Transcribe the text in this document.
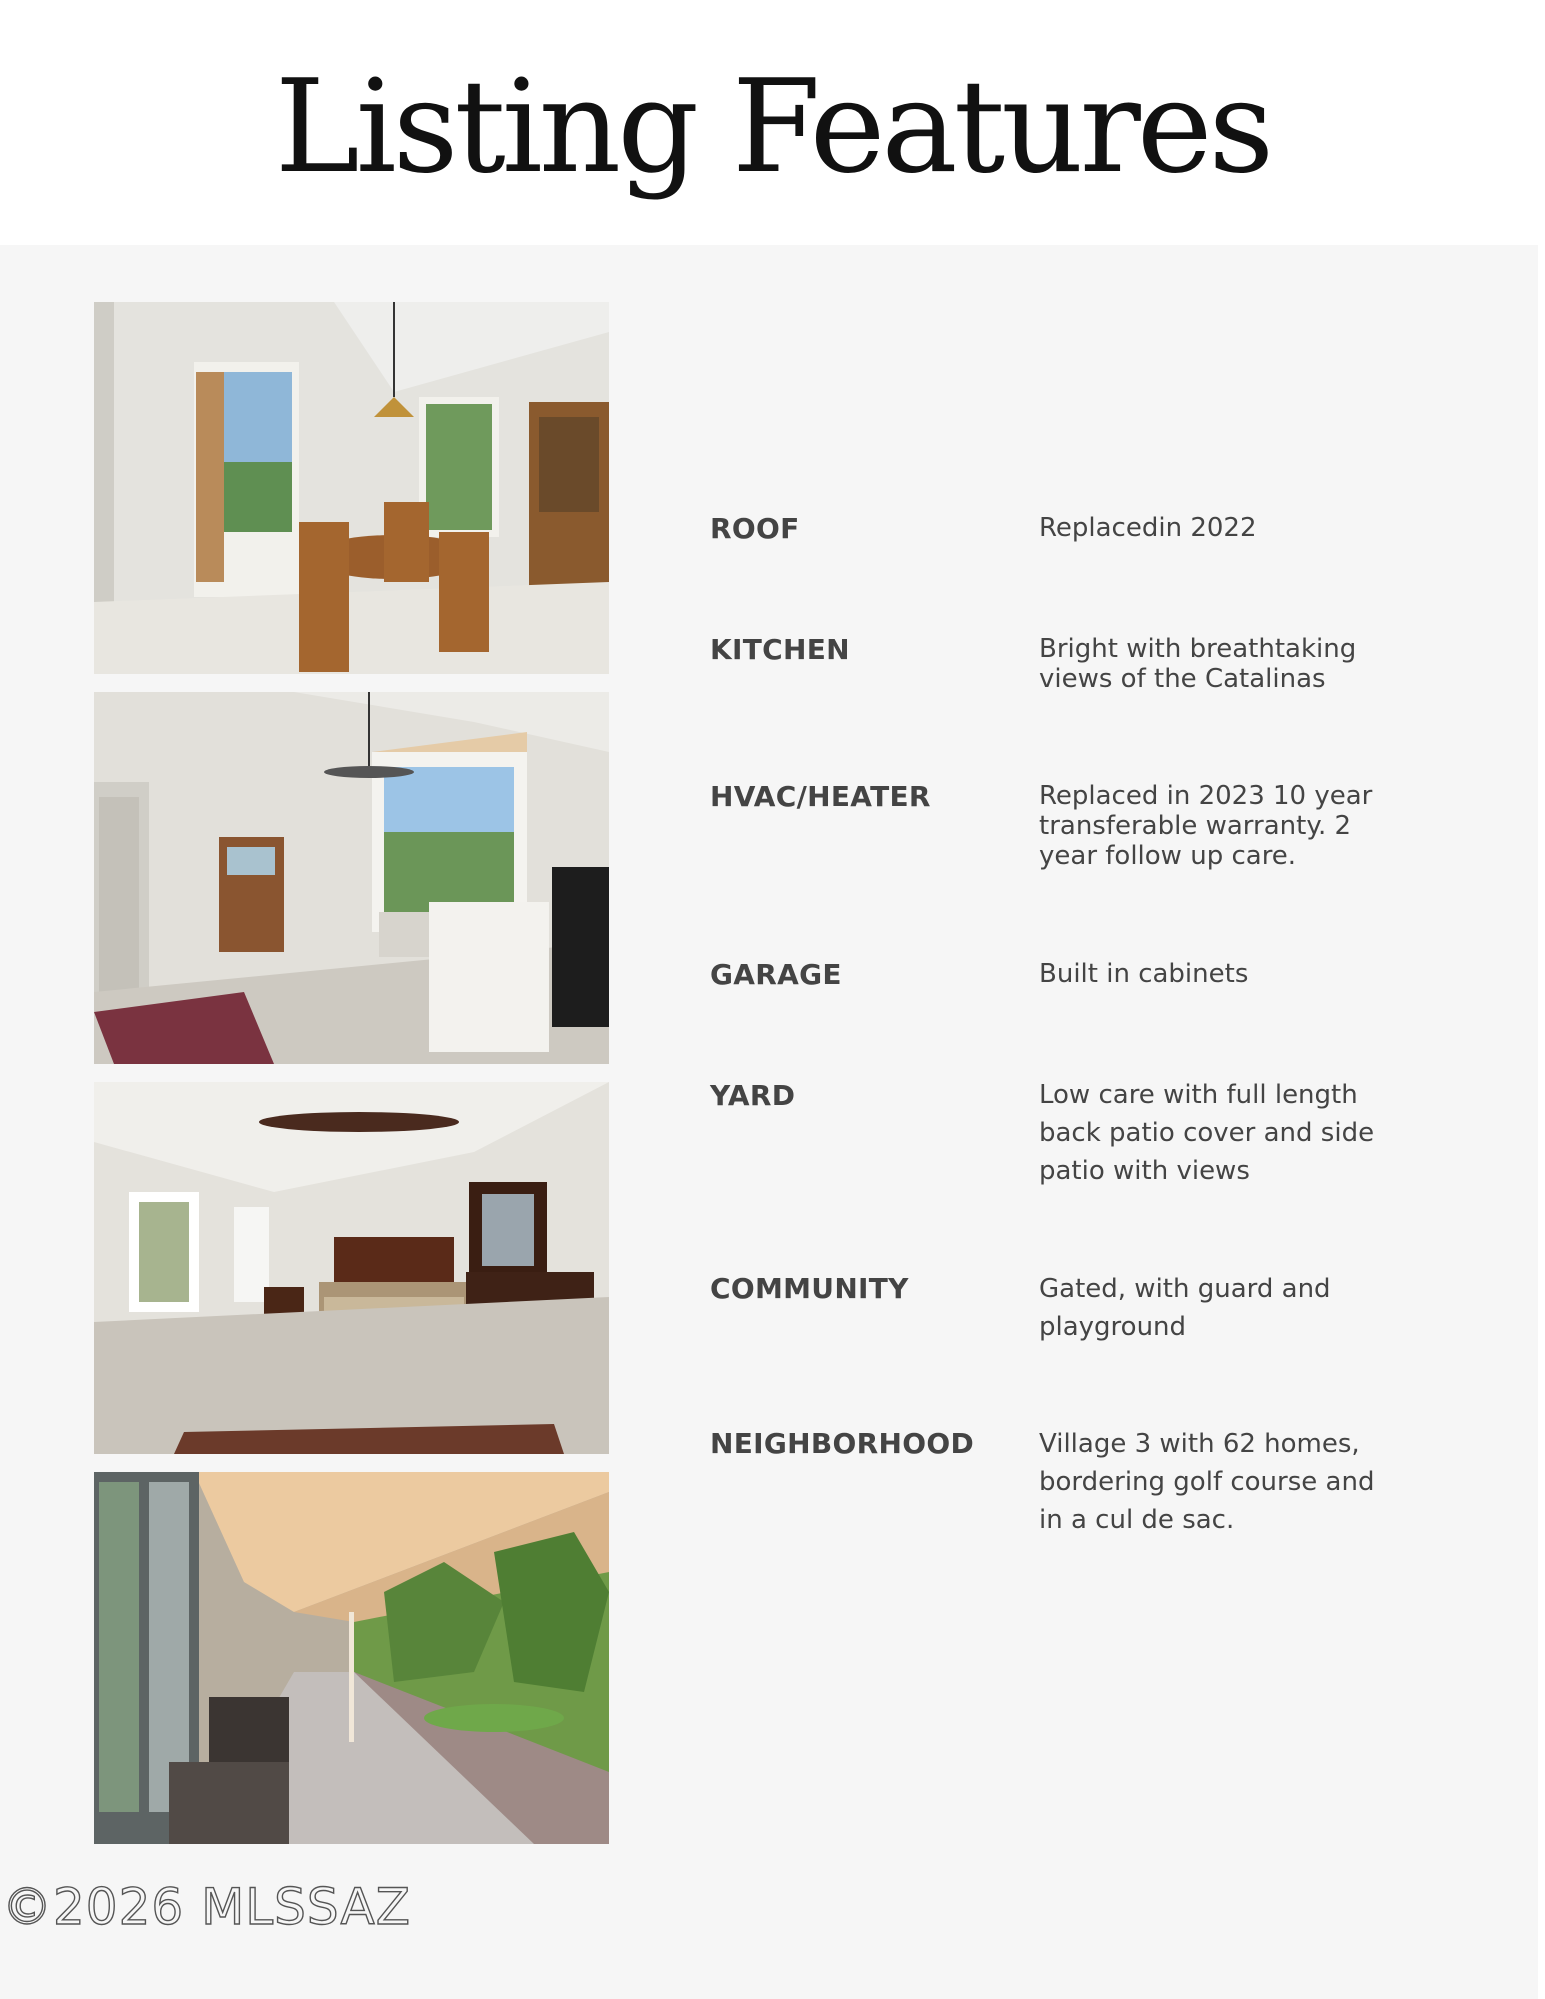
Listing Features
ROOF	Replacedin 2022
KITCHEN	Bright with breathtaking views of the Catalinas
HVAC/HEATER	Replaced in 2023 10 year transferable warranty. 2 year follow up care.
GARAGE	Built in cabinets
YARD	Low care with full length back patio cover and side patio with views
COMMUNITY	Gated, with guard and playground
NEIGHBORHOOD	Village 3 with 62 homes, bordering golf course and in a cul de sac.
©2026 MLSSAZ
